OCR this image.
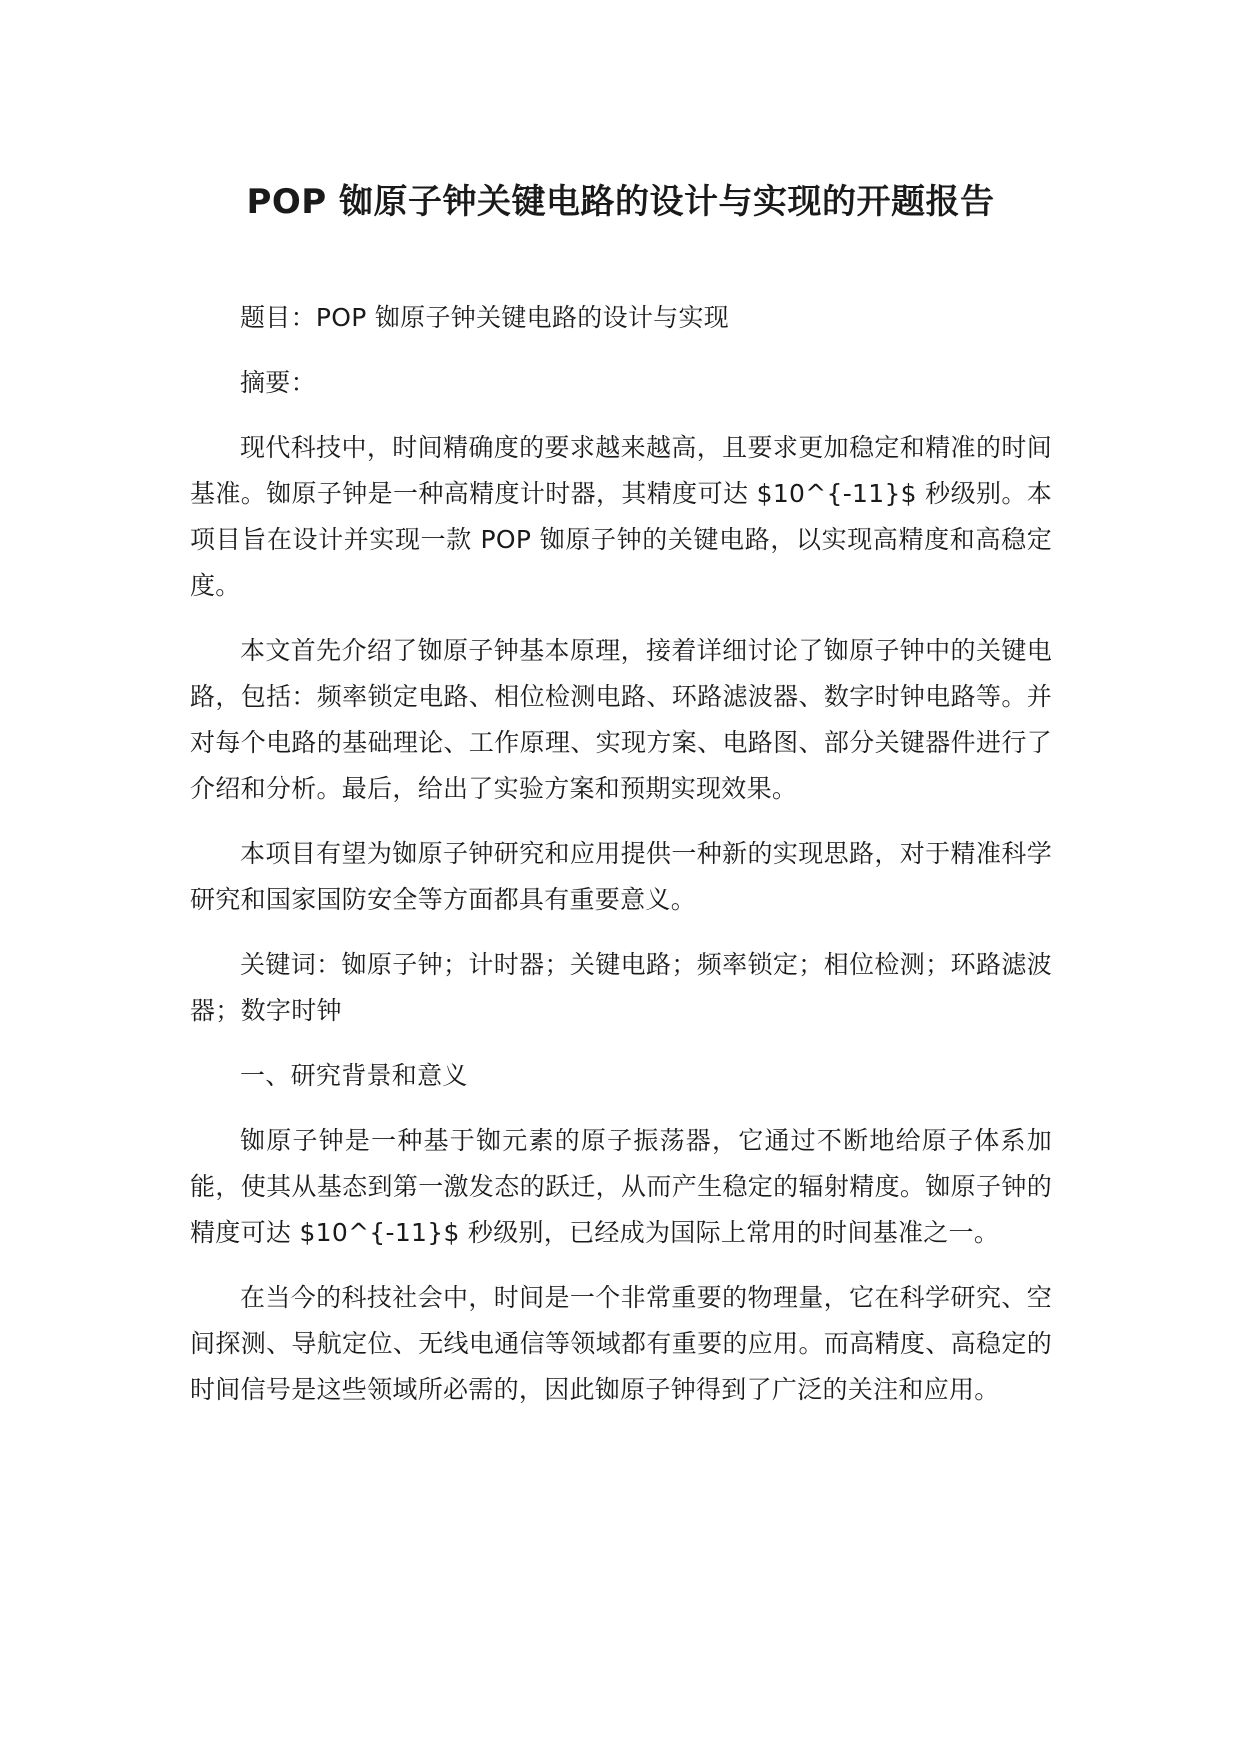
POP 铷原子钟关键电路的设计与实现的开题报告

题目：POP 铷原子钟关键电路的设计与实现

摘要：

现代科技中，时间精确度的要求越来越高，且要求更加稳定和精准的时间基准。铷原子钟是一种高精度计时器，其精度可达 $10^{-11}$ 秒级别。本项目旨在设计并实现一款 POP 铷原子钟的关键电路，以实现高精度和高稳定度。

本文首先介绍了铷原子钟基本原理，接着详细讨论了铷原子钟中的关键电路，包括：频率锁定电路、相位检测电路、环路滤波器、数字时钟电路等。并对每个电路的基础理论、工作原理、实现方案、电路图、部分关键器件进行了介绍和分析。最后，给出了实验方案和预期实现效果。

本项目有望为铷原子钟研究和应用提供一种新的实现思路，对于精准科学研究和国家国防安全等方面都具有重要意义。

关键词：铷原子钟；计时器；关键电路；频率锁定；相位检测；环路滤波器；数字时钟

一、研究背景和意义

铷原子钟是一种基于铷元素的原子振荡器，它通过不断地给原子体系加能，使其从基态到第一激发态的跃迁，从而产生稳定的辐射精度。铷原子钟的精度可达 $10^{-11}$ 秒级别，已经成为国际上常用的时间基准之一。

在当今的科技社会中，时间是一个非常重要的物理量，它在科学研究、空间探测、导航定位、无线电通信等领域都有重要的应用。而高精度、高稳定的时间信号是这些领域所必需的，因此铷原子钟得到了广泛的关注和应用。
